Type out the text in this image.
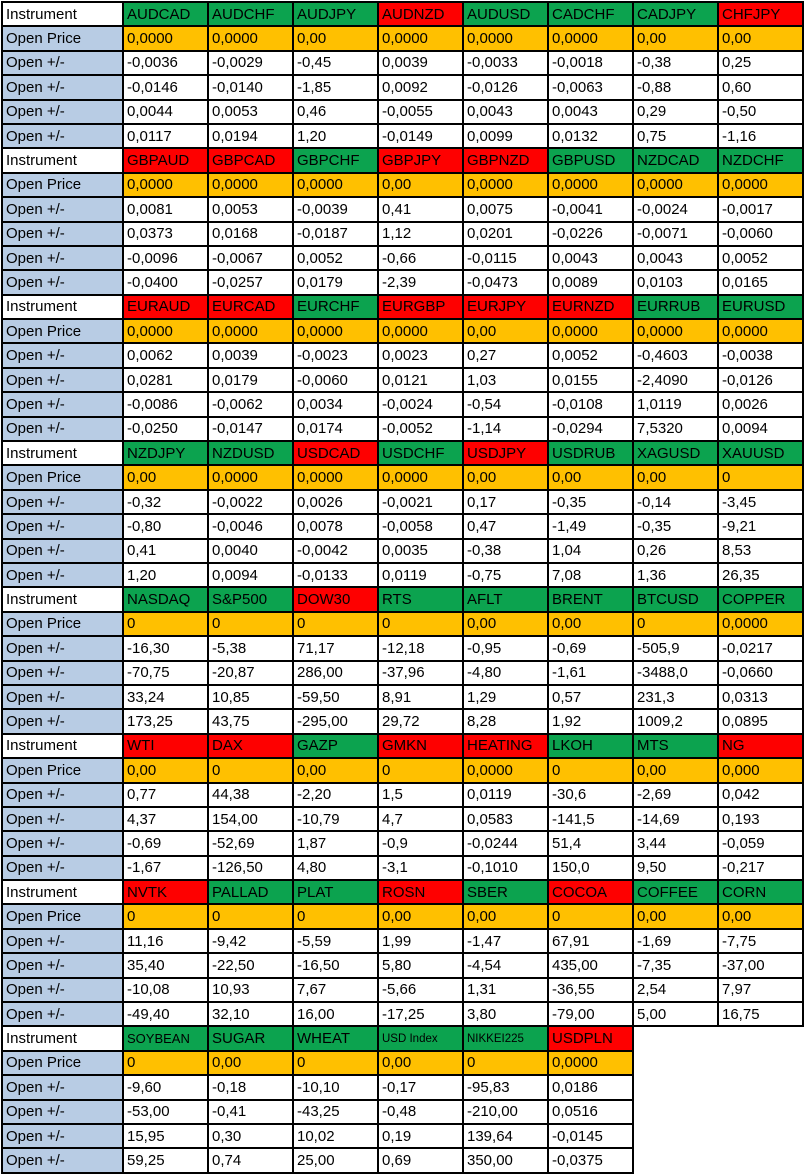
Instrument	AUDCAD	AUDCHF	AUDJPY	AUDNZD	AUDUSD	CADCHF	CADJPY	CHFJPY
Open Price	0,0000	0,0000	0,00	0,0000	0,0000	0,0000	0,00	0,00
Open +/-	-0,0036	-0,0029	-0,45	0,0039	-0,0033	-0,0018	-0,38	0,25
Open +/-	-0,0146	-0,0140	-1,85	0,0092	-0,0126	-0,0063	-0,88	0,60
Open +/-	0,0044	0,0053	0,46	-0,0055	0,0043	0,0043	0,29	-0,50
Open +/-	0,0117	0,0194	1,20	-0,0149	0,0099	0,0132	0,75	-1,16
Instrument	GBPAUD	GBPCAD	GBPCHF	GBPJPY	GBPNZD	GBPUSD	NZDCAD	NZDCHF
Open Price	0,0000	0,0000	0,0000	0,00	0,0000	0,0000	0,0000	0,0000
Open +/-	0,0081	0,0053	-0,0039	0,41	0,0075	-0,0041	-0,0024	-0,0017
Open +/-	0,0373	0,0168	-0,0187	1,12	0,0201	-0,0226	-0,0071	-0,0060
Open +/-	-0,0096	-0,0067	0,0052	-0,66	-0,0115	0,0043	0,0043	0,0052
Open +/-	-0,0400	-0,0257	0,0179	-2,39	-0,0473	0,0089	0,0103	0,0165
Instrument	EURAUD	EURCAD	EURCHF	EURGBP	EURJPY	EURNZD	EURRUB	EURUSD
Open Price	0,0000	0,0000	0,0000	0,0000	0,00	0,0000	0,0000	0,0000
Open +/-	0,0062	0,0039	-0,0023	0,0023	0,27	0,0052	-0,4603	-0,0038
Open +/-	0,0281	0,0179	-0,0060	0,0121	1,03	0,0155	-2,4090	-0,0126
Open +/-	-0,0086	-0,0062	0,0034	-0,0024	-0,54	-0,0108	1,0119	0,0026
Open +/-	-0,0250	-0,0147	0,0174	-0,0052	-1,14	-0,0294	7,5320	0,0094
Instrument	NZDJPY	NZDUSD	USDCAD	USDCHF	USDJPY	USDRUB	XAGUSD	XAUUSD
Open Price	0,00	0,0000	0,0000	0,0000	0,00	0,00	0,00	0
Open +/-	-0,32	-0,0022	0,0026	-0,0021	0,17	-0,35	-0,14	-3,45
Open +/-	-0,80	-0,0046	0,0078	-0,0058	0,47	-1,49	-0,35	-9,21
Open +/-	0,41	0,0040	-0,0042	0,0035	-0,38	1,04	0,26	8,53
Open +/-	1,20	0,0094	-0,0133	0,0119	-0,75	7,08	1,36	26,35
Instrument	NASDAQ	S&P500	DOW30	RTS	AFLT	BRENT	BTCUSD	COPPER
Open Price	0	0	0	0	0,00	0,00	0	0,0000
Open +/-	-16,30	-5,38	71,17	-12,18	-0,95	-0,69	-505,9	-0,0217
Open +/-	-70,75	-20,87	286,00	-37,96	-4,80	-1,61	-3488,0	-0,0660
Open +/-	33,24	10,85	-59,50	8,91	1,29	0,57	231,3	0,0313
Open +/-	173,25	43,75	-295,00	29,72	8,28	1,92	1009,2	0,0895
Instrument	WTI	DAX	GAZP	GMKN	HEATING	LKOH	MTS	NG
Open Price	0,00	0	0,00	0	0,0000	0	0,00	0,000
Open +/-	0,77	44,38	-2,20	1,5	0,0119	-30,6	-2,69	0,042
Open +/-	4,37	154,00	-10,79	4,7	0,0583	-141,5	-14,69	0,193
Open +/-	-0,69	-52,69	1,87	-0,9	-0,0244	51,4	3,44	-0,059
Open +/-	-1,67	-126,50	4,80	-3,1	-0,1010	150,0	9,50	-0,217
Instrument	NVTK	PALLAD	PLAT	ROSN	SBER	COCOA	COFFEE	CORN
Open Price	0	0	0	0,00	0,00	0	0,00	0,00
Open +/-	11,16	-9,42	-5,59	1,99	-1,47	67,91	-1,69	-7,75
Open +/-	35,40	-22,50	-16,50	5,80	-4,54	435,00	-7,35	-37,00
Open +/-	-10,08	10,93	7,67	-5,66	1,31	-36,55	2,54	7,97
Open +/-	-49,40	32,10	16,00	-17,25	3,80	-79,00	5,00	16,75
Instrument	SOYBEAN	SUGAR	WHEAT	USD Index	NIKKEI225	USDPLN		
Open Price	0	0,00	0	0,00	0	0,0000		
Open +/-	-9,60	-0,18	-10,10	-0,17	-95,83	0,0186		
Open +/-	-53,00	-0,41	-43,25	-0,48	-210,00	0,0516		
Open +/-	15,95	0,30	10,02	0,19	139,64	-0,0145		
Open +/-	59,25	0,74	25,00	0,69	350,00	-0,0375		
